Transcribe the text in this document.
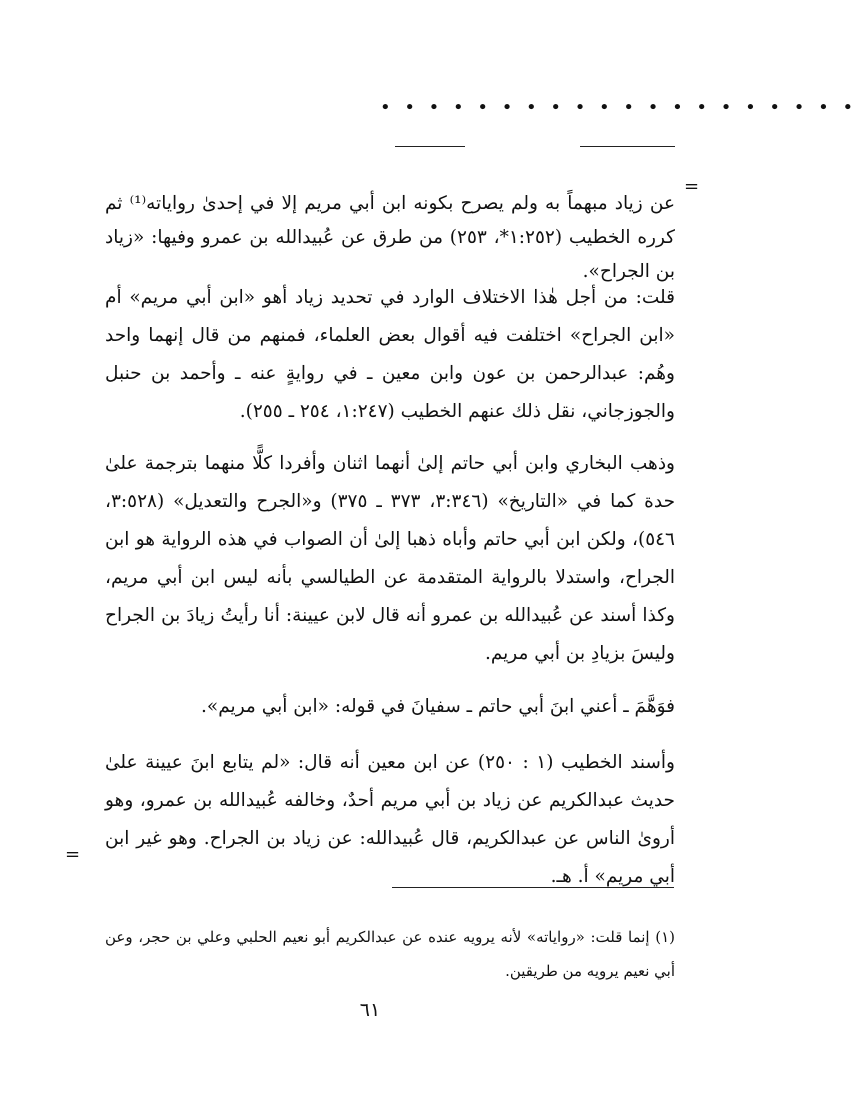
• • • • • • • • • • • • • • • • • • • •
=

عن زياد مبهماً به ولم يصرح بكونه ابن أبي مريم إلا في إحدىٰ رواياته⁽¹⁾ ثم كرره الخطيب (١:٢٥٢*، ٢٥٣) من طرق عن عُبيدالله بن عمرو وفيها: «زياد بن الجراح».

قلت: من أجل هٰذا الاختلاف الوارد في تحديد زياد أهو «ابن أبي مريم» أم «ابن الجراح» اختلفت فيه أقوال بعض العلماء، فمنهم من قال إنهما واحد وهُم: عبدالرحمن بن عون وابن معين ـ في روايةٍ عنه ـ وأحمد بن حنبل والجوزجاني، نقل ذلك عنهم الخطيب (١:٢٤٧، ٢٥٤ ـ ٢٥٥).

وذهب البخاري وابن أبي حاتم إلىٰ أنهما اثنان وأفردا كلًّا منهما بترجمة علىٰ حدة كما في «التاريخ» (٣:٣٤٦، ٣٧٣ ـ ٣٧٥) و«الجرح والتعديل» (٣:٥٢٨، ٥٤٦)، ولكن ابن أبي حاتم وأباه ذهبا إلىٰ أن الصواب في هذه الرواية هو ابن الجراح، واستدلا بالرواية المتقدمة عن الطيالسي بأنه ليس ابن أبي مريم، وكذا أسند عن عُبيدالله بن عمرو أنه قال لابن عيينة: أنا رأيتُ زيادَ بن الجراح وليسَ بزيادِ بن أبي مريم.

فوَهَّمَ ـ أعني ابنَ أبي حاتم ـ سفيانَ في قوله: «ابن أبي مريم».

وأسند الخطيب (١ : ٢٥٠) عن ابن معين أنه قال: «لم يتابع ابنَ عيينة علىٰ حديث عبدالكريم عن زياد بن أبي مريم أحدٌ، وخالفه عُبيدالله بن عمرو، وهو أروىٰ الناس عن عبدالكريم، قال عُبيدالله: عن زياد بن الجراح. وهو غير ابن أبي مريم» أ. هـ.

=

(١) إنما قلت: «رواياته» لأنه يرويه عنده عن عبدالكريم أبو نعيم الحلبي وعلي بن حجر، وعن أبي نعيم يرويه من طريقين.

٦١
